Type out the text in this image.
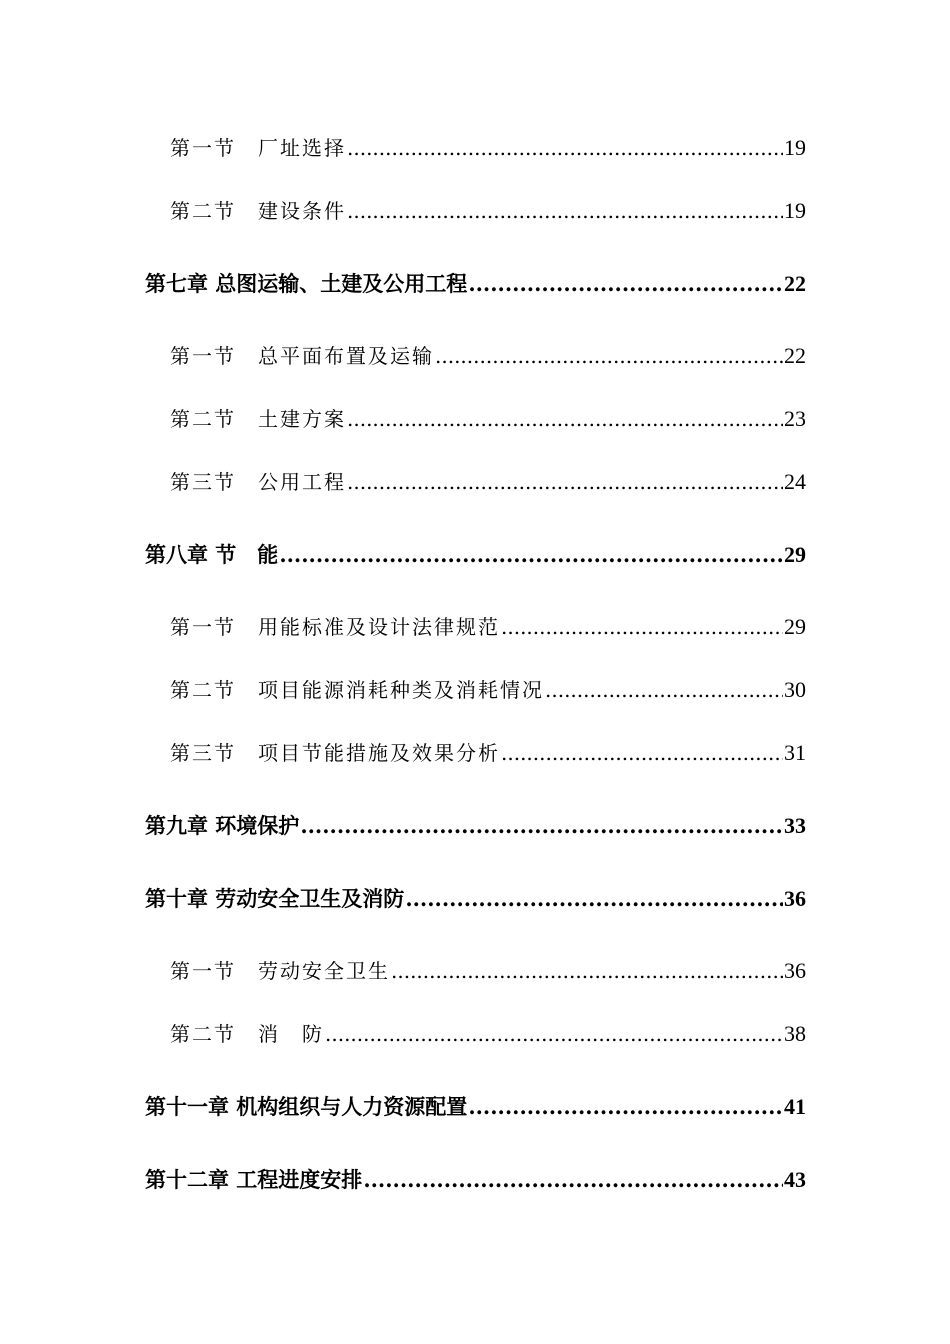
第一节　厂址选择 .....	19
第二节　建设条件 .....	19
第七章 总图运输、土建及公用工程 .....	22
第一节　总平面布置及运输 .....	22
第二节　土建方案 .....	23
第三节　公用工程 .....	24
第八章 节　能 .....	29
第一节　用能标准及设计法律规范 .....	29
第二节　项目能源消耗种类及消耗情况 .....	30
第三节　项目节能措施及效果分析 .....	31
第九章 环境保护 .....	33
第十章 劳动安全卫生及消防 .....	36
第一节　劳动安全卫生 .....	36
第二节　消　防 .....	38
第十一章 机构组织与人力资源配置 .....	41
第十二章 工程进度安排 .....	43
